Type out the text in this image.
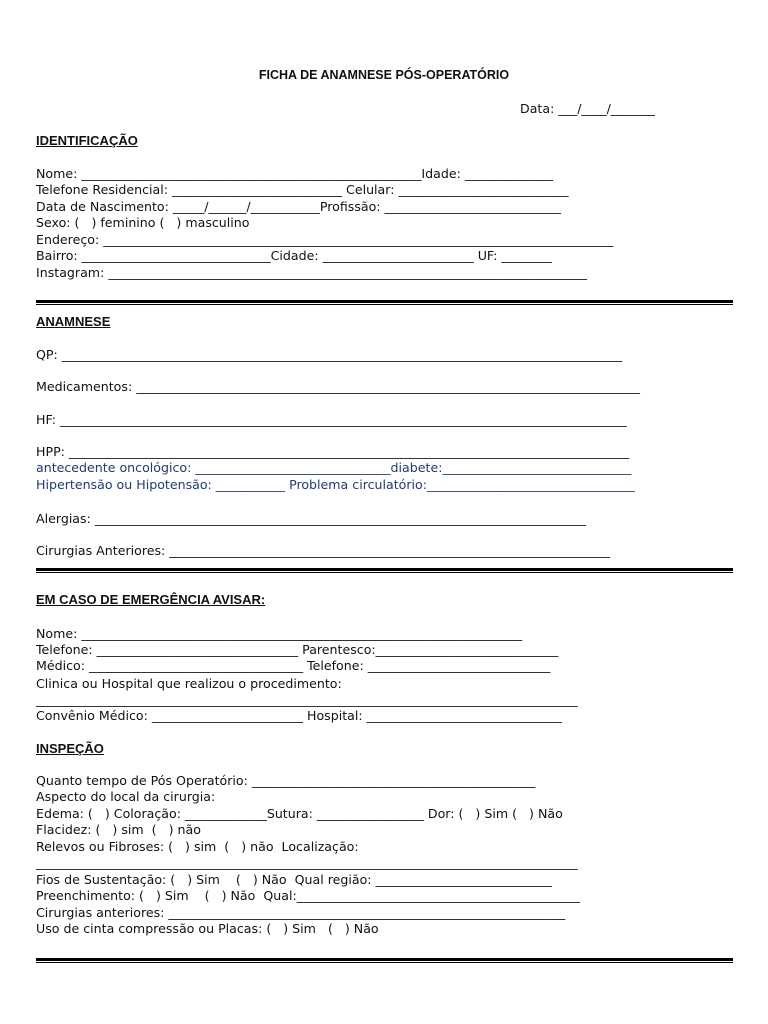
FICHA DE ANAMNESE PÓS-OPERATÓRIO
Data: ___/____/_______
IDENTIFICAÇÃO
Nome: ______________________________________________________Idade: ______________
Telefone Residencial: ___________________________ Celular: ___________________________
Data de Nascimento: _____/______/___________Profissão: ____________________________
Sexo: (   ) feminino (   ) masculino
Endereço: _________________________________________________________________________________
Bairro: ______________________________Cidade: ________________________ UF: ________
Instagram: ____________________________________________________________________________
ANAMNESE
QP: _________________________________________________________________________________________
Medicamentos: ________________________________________________________________________________
HF: __________________________________________________________________________________________
HPP: _________________________________________________________________________________________
antecedente oncológico: _______________________________diabete:______________________________
Hipertensão ou Hipotensão: ___________ Problema circulatório:_________________________________
Alergias: ______________________________________________________________________________
Cirurgias Anteriores: ______________________________________________________________________
EM CASO DE EMERGÊNCIA AVISAR:
Nome: ______________________________________________________________________
Telefone: ________________________________ Parentesco:_____________________________
Médico: __________________________________ Telefone: _____________________________
Clinica ou Hospital que realizou o procedimento:
______________________________________________________________________________________
Convênio Médico: ________________________ Hospital: _______________________________
INSPEÇÃO
Quanto tempo de Pós Operatório: _____________________________________________
Aspecto do local da cirurgia:
Edema: (   ) Coloração: _____________Sutura: _________________ Dor: (   ) Sim (   ) Não
Flacidez: (   ) sim  (   ) não
Relevos ou Fibroses: (   ) sim  (   ) não  Localização:
______________________________________________________________________________________
Fios de Sustentação: (   ) Sim    (   ) Não  Qual região: ____________________________
Preenchimento: (   ) Sim    (   ) Não  Qual:_____________________________________________
Cirurgias anteriores: _______________________________________________________________
Uso de cinta compressão ou Placas: (   ) Sim   (   ) Não
